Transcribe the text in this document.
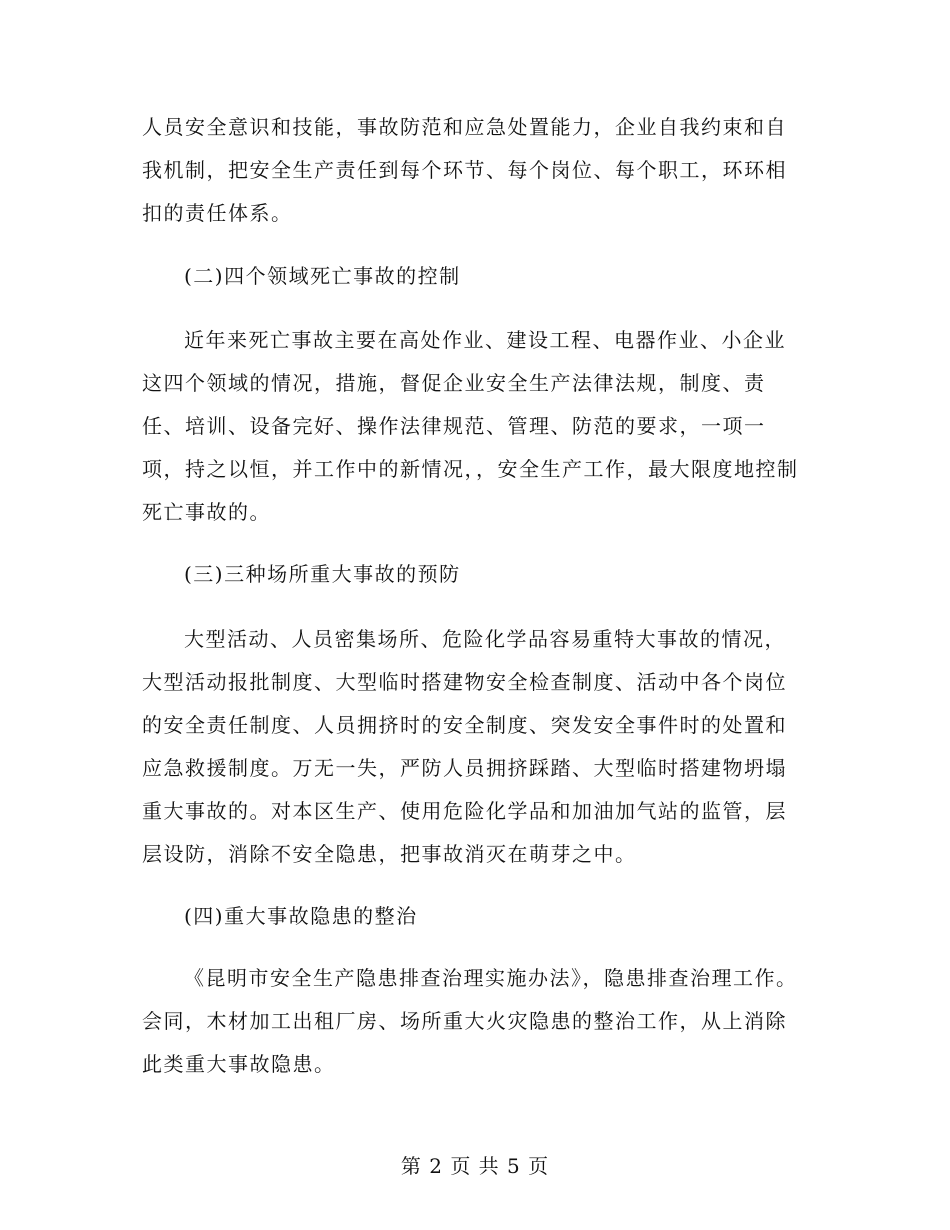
人员安全意识和技能，事故防范和应急处置能力，企业自我约束和自我机制，把安全生产责任到每个环节、每个岗位、每个职工，环环相扣的责任体系。

(二)四个领域死亡事故的控制

近年来死亡事故主要在高处作业、建设工程、电器作业、小企业这四个领域的情况，措施，督促企业安全生产法律法规，制度、责任、培训、设备完好、操作法律规范、管理、防范的要求，一项一项，持之以恒，并工作中的新情况，，安全生产工作，最大限度地控制死亡事故的。

(三)三种场所重大事故的预防

大型活动、人员密集场所、危险化学品容易重特大事故的情况，大型活动报批制度、大型临时搭建物安全检查制度、活动中各个岗位的安全责任制度、人员拥挤时的安全制度、突发安全事件时的处置和应急救援制度。万无一失，严防人员拥挤踩踏、大型临时搭建物坍塌重大事故的。对本区生产、使用危险化学品和加油加气站的监管，层层设防，消除不安全隐患，把事故消灭在萌芽之中。

(四)重大事故隐患的整治

《昆明市安全生产隐患排查治理实施办法》，隐患排查治理工作。会同，木材加工出租厂房、场所重大火灾隐患的整治工作，从上消除此类重大事故隐患。

第 2 页 共 5 页
